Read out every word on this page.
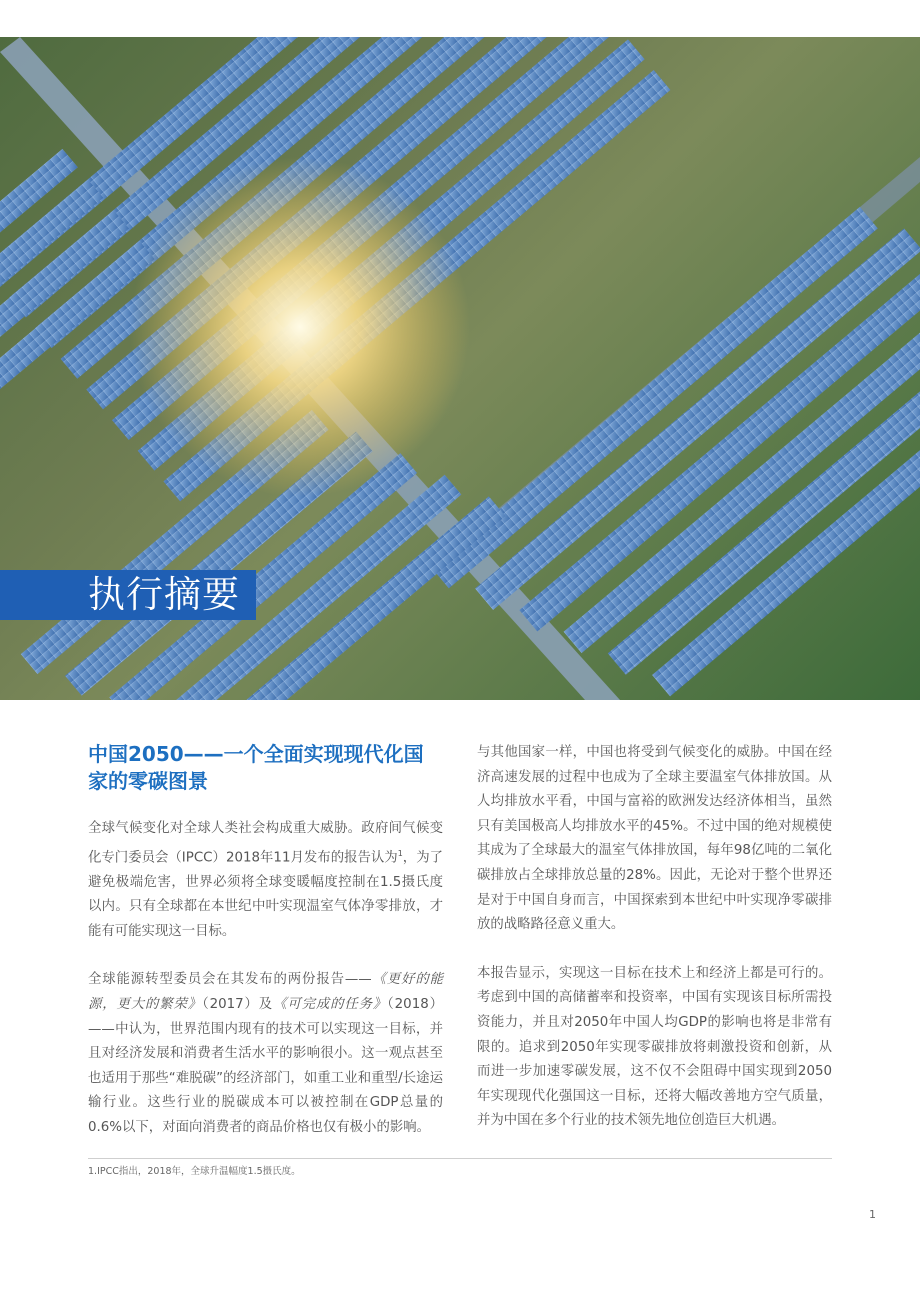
执行摘要
中国2050——一个全面实现现代化国家的零碳图景

全球气候变化对全球人类社会构成重大威胁。政府间气候变化专门委员会（IPCC）2018年11月发布的报告认为$^1$，为了避免极端危害，世界必须将全球变暖幅度控制在1.5摄氏度以内。只有全球都在本世纪中叶实现温室气体净零排放，才能有可能实现这一目标。

全球能源转型委员会在其发布的两份报告——《更好的能源，更大的繁荣》（2017）及《可完成的任务》（2018）——中认为，世界范围内现有的技术可以实现这一目标，并且对经济发展和消费者生活水平的影响很小。这一观点甚至也适用于那些“难脱碳”的经济部门，如重工业和重型/长途运输行业。这些行业的脱碳成本可以被控制在GDP总量的0.6%以下，对面向消费者的商品价格也仅有极小的影响。

与其他国家一样，中国也将受到气候变化的威胁。中国在经济高速发展的过程中也成为了全球主要温室气体排放国。从人均排放水平看，中国与富裕的欧洲发达经济体相当，虽然只有美国极高人均排放水平的45%。不过中国的绝对规模使其成为了全球最大的温室气体排放国，每年98亿吨的二氧化碳排放占全球排放总量的28%。因此，无论对于整个世界还是对于中国自身而言，中国探索到本世纪中叶实现净零碳排放的战略路径意义重大。

本报告显示，实现这一目标在技术上和经济上都是可行的。考虑到中国的高储蓄率和投资率，中国有实现该目标所需投资能力，并且对2050年中国人均GDP的影响也将是非常有限的。追求到2050年实现零碳排放将刺激投资和创新，从而进一步加速零碳发展，这不仅不会阻碍中国实现到2050年实现现代化强国这一目标，还将大幅改善地方空气质量，并为中国在多个行业的技术领先地位创造巨大机遇。

1.IPCC指出，2018年，全球升温幅度1.5摄氏度。
1
